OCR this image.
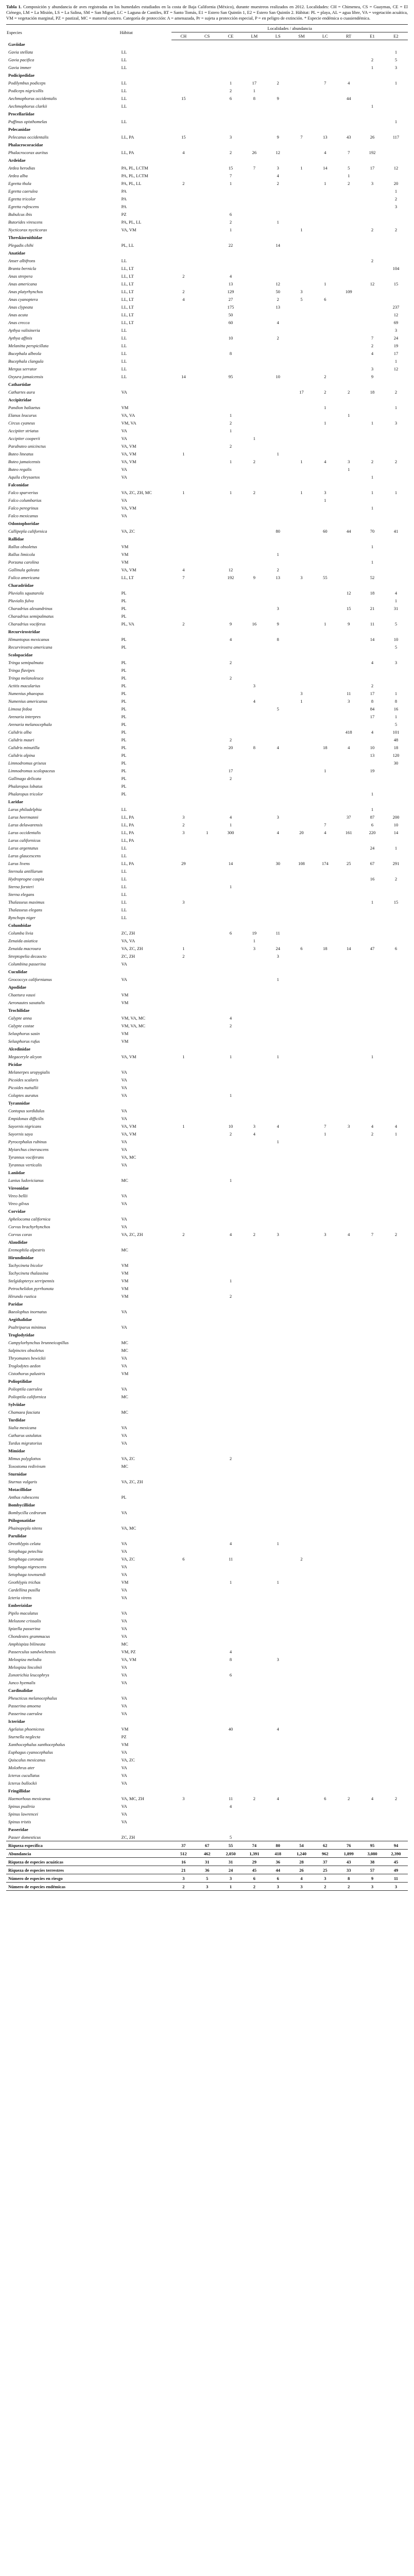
Tabla 1. Composición y abundancia de aves registradas en los humedales estudiados en la costa de Baja California (México), durante muestreos realizados en 2012. Localidades: CH = Chimenea, CS = Guaymas, CE = El Ciénego, LM = La Misión, LS = La Salina, SM = San Miguel, LC = Laguna de Cantiles, RT = Santo Tomás, E1 = Estero San Quintín 1, E2 = Estero San Quintín 2. Hábitat: PL = playa, AL = agua libre, VA = vegetación acuática, VM = vegetación marginal, PZ = pastizal, MC = matorral costero. Categoría de protección: A = amenazada, Pr = sujeta a protección especial, P = en peligro de extinción. * Especie endémica o cuasiendémica.

Especies	Hábitat	Localidades / abundancia									
		CH	CS	CE	LM	LS	SM	LC	RT	E1	E2
Gaviidae											
Gavia stellata	LL										1
Gavia pacifica	LL									2	5
Gavia immer	LL									1	3
Podicipedidae											
Podilymbus podiceps	LL			1	17	2		7	4		1
Podiceps nigricollis	LL			2	1						
Aechmophorus occidentalis	LL	15		6	8	9			44		
Aechmophorus clarkii	LL									1	
Procellariidae											
Puffinus opisthomelas	LL										1
Pelecanidae											
Pelecanus occidentalis	LL, PA	15		3		9	7	13	43	26	117
Phalacrocoracidae											
Phalacrocorax auritus	LL, PA	4		2	26	12		4	7	192	
Ardeidae											
Ardea herodias	PA, PL, LCTM			15	7	3	1	14	5	17	12
Ardea alba	PA, PL, LCTM			7		4			1		
Egretta thula	PA, PL, LL	2		1		2		1	2	3	20
Egretta caerulea	PA										1
Egretta tricolor	PA										2
Egretta rufescens	PA										3
Bubulcus ibis	PZ			6							
Butorides virescens	PA, PL, LL			2		1					
Nycticorax nycticorax	VA, VM			1			1			2	2
Threskiornithidae											
Plegadis chihi	PL, LL			22		14					
Anatidae											
Anser albifrons	LL									2	
Branta bernicla	LL, LT										104
Anas strepera	LL, LT	2		4							
Anas americana	LL, LT			13		12		1		12	15
Anas platyrhynchos	LL, LT	2		129		50	3		109		
Anas cyanoptera	LL, LT	4		27		2	5	6			
Anas clypeata	LL, LT			175		13					237
Anas acuta	LL, LT			50							12
Anas crecca	LL, LT			60		4					69
Aythya valisineria	LL										3
Aythya affinis	LL			10		2				7	24
Melanitta perspicillata	LL									2	19
Bucephala albeola	LL			8						4	17
Bucephala clangula	LL										1
Mergus serrator	LL									3	12
Oxyura jamaicensis	LL	14		95		10		2		9	
Cathartidae											
Cathartes aura	VA						17	2	2	18	2
Accipitridae											
Pandion haliaetus	VM							1			1
Elanus leucurus	VA, VA			1					1		
Circus cyaneus	VM, VA			2				1		1	3
Accipiter striatus	VA			1							
Accipiter cooperii	VA				1						
Parabuteo unicinctus	VA, VM			2							
Buteo lineatus	VA, VM	1				1					
Buteo jamaicensis	VA, VM			1	2		1	4	3	2	2
Buteo regalis	VA								1		
Aquila chrysaetos	VA									1	
Falconidae											
Falco sparverius	VA, ZC, ZH, MC	1		1	2		1	3		1	1
Falco columbarius	VA							1			
Falco peregrinus	VA, VM									1	
Falco mexicanus	VA										
Odontophoridae											
Callipepla californica	VA, ZC					80		60	44	70	41
Rallidae											
Rallus obsoletus	VM									1	
Rallus limicola	VM					1					
Porzana carolina	VM									1	
Gallinula galeata	VA, VM	4		12		2					
Fulica americana	LL, LT	7		192	9	13	3	55		52	
Charadriidae											
Pluvialis squatarola	PL								12	18	4
Pluvialis fulva	PL										1
Charadrius alexandrinus	PL					3			15	21	31
Charadrius semipalmatus	PL										
Charadrius vociferus	PL, VA	2		9	16	9		1	9	11	5
Recurvirostridae											
Himantopus mexicanus	PL			4		8				14	10
Recurvirostra americana	PL										5
Scolopacidae											
Tringa semipalmata	PL			2						4	3
Tringa flavipes	PL										
Tringa melanoleuca	PL			2							
Actitis macularius	PL				3					2	
Numenius phaeopus	PL						3		11	17	1
Numenius americanus	PL				4		1		3	8	8
Limosa fedoa	PL					5				84	16
Arenaria interpres	PL									17	1
Arenaria melanocephala	PL										5
Calidris alba	PL								418	4	101
Calidris mauri	PL			2							48
Calidris minutilla	PL			20	8	4		18	4	10	18
Calidris alpina	PL									13	120
Limnodromus griseus	PL										30
Limnodromus scolopaceus	PL			17				1		19	
Gallinago delicata	PL			2							
Phalaropus lobatus	PL										
Phalaropus tricolor	PL									1	
Laridae											
Larus philadelphia	LL									1	
Larus heermanni	LL, PA	3		4		3			37	87	200
Larus delawarensis	LL, PA	2		1				7		6	10
Larus occidentalis	LL, PA	3	1	300		4	20	4	161	220	14
Larus californicus	LL, PA										
Larus argentatus	LL									24	1
Larus glaucescens	LL										
Larus livens	LL, PA	29		14		30	108	174	25	67	291
Sternula antillarum	LL										
Hydroprogne caspia	LL									16	2
Sterna forsteri	LL			1							
Sterna elegans	LL										
Thalasseus maximus	LL	3								1	15
Thalasseus elegans	LL										
Rynchops niger	LL										
Columbidae											
Columba livia	ZC, ZH			6	19	11					
Zenaida asiatica	VA, VA				1						
Zenaida macroura	VA, ZC, ZH	1			3	24	6	18	14	47	6
Streptopelia decaocto	ZC, ZH	2				3					
Columbina passerina	VA										
Cuculidae											
Geococcyx californianus	VA					1					
Apodidae											
Chaetura vauxi	VM										
Aeronautes saxatalis	VM										
Trochilidae											
Calypte anna	VM, VA, MC			4							
Calypte costae	VM, VA, MC			2							
Selasphorus sasin	VM										
Selasphorus rufus	VM										
Alcedinidae											
Megaceryle alcyon	VA, VM	1		1		1				1	
Picidae											
Melanerpes uropygialis	VA										
Picoides scalaris	VA										
Picoides nuttallii	VA										
Colaptes auratus	VA			1							
Tyrannidae											
Contopus sordidulus	VA										
Empidonax difficilis	VA										
Sayornis nigricans	VA, VM	1		10	3	4		7	3	4	4
Sayornis saya	VA, VM			2	4			1		2	1
Pyrocephalus rubinus	VA					1					
Myiarchus cinerascens	VA										
Tyrannus vociferans	VA, MC										
Tyrannus verticalis	VA										
Laniidae											
Lanius ludovicianus	MC			1							
Vireonidae											
Vireo bellii	VA										
Vireo gilvus	VA										
Corvidae											
Aphelocoma californica	VA										
Corvus brachyrhynchos	VA										
Corvus corax	VA, ZC, ZH	2		4	2	3		3	4	7	2
Alaudidae											
Eremophila alpestris	MC										
Hirundinidae											
Tachycineta bicolor	VM										
Tachycineta thalassina	VM										
Stelgidopteryx serripennis	VM			1							
Petrochelidon pyrrhonota	VM										
Hirundo rustica	VM			2							
Paridae											
Baeolophus inornatus	VA										
Aegithalidae											
Psaltriparus minimus	VA										
Troglodytidae											
Campylorhynchus brunneicapillus	MC										
Salpinctes obsoletus	MC										
Thryomanes bewickii	VA										
Troglodytes aedon	VA										
Cistothorus palustris	VM										
Polioptilidae											
Polioptila caerulea	VA										
Polioptila californica	MC										
Sylviidae											
Chamaea fasciata	MC										
Turdidae											
Sialia mexicana	VA										
Catharus ustulatus	VA										
Turdus migratorius	VA										
Mimidae											
Mimus polyglottos	VA, ZC			2							
Toxostoma redivivum	MC										
Sturnidae											
Sturnus vulgaris	VA, ZC, ZH										
Motacillidae											
Anthus rubescens	PL										
Bombycillidae											
Bombycilla cedrorum	VA										
Ptilogonatidae											
Phainopepla nitens	VA, MC										
Parulidae											
Oreothlypis celata	VA			4		1					
Setophaga petechia	VA										
Setophaga coronata	VA, ZC	6		11			2				
Setophaga nigrescens	VA										
Setophaga townsendi	VA										
Geothlypis trichas	VM			1		1					
Cardellina pusilla	VA										
Icteria virens	VA										
Emberizidae											
Pipilo maculatus	VA										
Melozone crissalis	VA										
Spizella passerina	VA										
Chondestes grammacus	VA										
Amphispiza bilineata	MC										
Passerculus sandwichensis	VM, PZ			4							
Melospiza melodia	VA, VM			8		3					
Melospiza lincolnii	VA										
Zonotrichia leucophrys	VA			6							
Junco hyemalis	VA										
Cardinalidae											
Pheucticus melanocephalus	VA										
Passerina amoena	VA										
Passerina caerulea	VA										
Icteridae											
Agelaius phoeniceus	VM			40		4					
Sturnella neglecta	PZ										
Xanthocephalus xanthocephalus	VM										
Euphagus cyanocephalus	VA										
Quiscalus mexicanus	VA, ZC										
Molothrus ater	VA										
Icterus cucullatus	VA										
Icterus bullockii	VA										
Fringillidae											
Haemorhous mexicanus	VA, MC, ZH	3		11	2	4		6	2	4	2
Spinus psaltria	VA			4							
Spinus lawrencei	VA										
Spinus tristis	VA										
Passeridae											
Passer domesticus	ZC, ZH			5							
Riqueza específica		37	67	55	74	80	54	62	76	95	94
Abundancia		512	462	2,050	1,391	418	1,240	962	1,899	3,080	2,390
Riqueza de especies acuáticas		16	31	31	29	36	28	37	43	38	45
Riqueza de especies terrestres		21	36	24	45	44	26	25	33	57	49
Número de especies en riesgo		3	5	3	6	6	4	3	8	9	11
Número de especies endémicas		2	3	1	2	3	3	2	2	3	3
